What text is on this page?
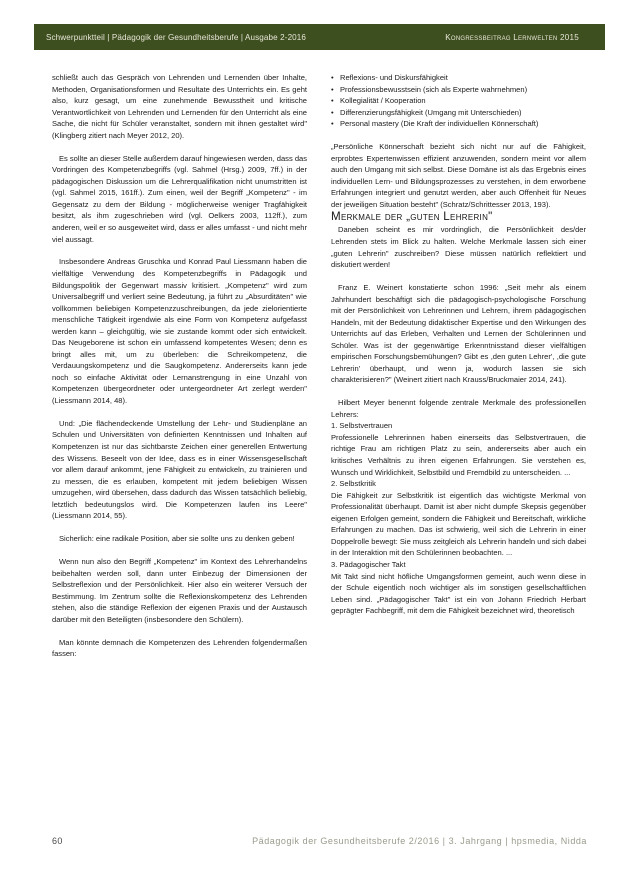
Schwerpunktteil | Pädagogik der Gesundheitsberufe | Ausgabe 2-2016	Kongressbeitrag Lernwelten 2015

schließt auch das Gespräch von Lehrenden und Lernenden über Inhalte, Methoden, Organisationsformen und Resultate des Unterrichts ein. Es geht also, kurz gesagt, um eine zunehmende Bewusstheit und kritische Verantwortlichkeit von Lehrenden und Lernenden für den Unterricht als eine Sache, die nicht für Schüler veranstaltet, sondern mit ihnen gestaltet wird" (Klingberg zitiert nach Meyer 2012, 20).

Es sollte an dieser Stelle außerdem darauf hingewiesen werden, dass das Vordringen des Kompetenzbegriffs (vgl. Sahmel (Hrsg.) 2009, 7ff.) in der pädagogischen Diskussion um die Lehrerqualifikation nicht unumstritten ist (vgl. Sahmel 2015, 161ff.). Zum einen, weil der Begriff „Kompetenz" - im Gegensatz zu dem der Bildung - möglicherweise weniger Tragfähigkeit besitzt, als ihm zugeschrieben wird (vgl. Oelkers 2003, 112ff.), zum anderen, weil er so ausgeweitet wird, dass er alles umfasst - und nicht mehr viel aussagt.

Insbesondere Andreas Gruschka und Konrad Paul Liessmann haben die vielfältige Verwendung des Kompetenzbegriffs in Pädagogik und Bildungspolitik der Gegenwart massiv kritisiert. „Kompetenz" wird zum Universalbegriff und verliert seine Bedeutung, ja führt zu „Absurditäten" wie vollkommen beliebigen Kompetenzzuschreibungen, da jede zielorientierte menschliche Tätigkeit irgendwie als eine Form von Kompetenz aufgefasst werden kann – gleichgültig, wie sie zustande kommt oder sich entwickelt. Das Neugeborene ist schon ein umfassend kompetentes Wesen; denn es bringt alles mit, um zu überleben: die Schreikompetenz, die Verdauungskompetenz und die Saugkompetenz. Andererseits kann jede noch so einfache Aktivität oder Lernanstrengung in eine Unzahl von Kompetenzen übergeordneter oder untergeordneter Art zerlegt werden" (Liessmann 2014, 48).

Und: „Die flächendeckende Umstellung der Lehr- und Studienpläne an Schulen und Universitäten von definierten Kenntnissen und Inhalten auf Kompetenzen ist nur das sichtbarste Zeichen einer generellen Entwertung des Wissens. Beseelt von der Idee, dass es in einer Wissensgesellschaft vor allem darauf ankommt, jene Fähigkeit zu entwickeln, zu trainieren und zu messen, die es erlauben, kompetent mit jedem beliebigen Wissen umzugehen, wird übersehen, dass dadurch das Wissen tatsächlich beliebig, letztlich bedeutungslos wird. Die Kompetenzen laufen ins Leere" (Liessmann 2014, 55).

Sicherlich: eine radikale Position, aber sie sollte uns zu denken geben!

Wenn nun also den Begriff „Kompetenz" im Kontext des Lehrerhandelns beibehalten werden soll, dann unter Einbezug der Dimensionen der Selbstreflexion und der Persönlichkeit. Hier also ein weiterer Versuch der Bestimmung. Im Zentrum sollte die Reflexionskompetenz des Lehrenden stehen, also die ständige Reflexion der eigenen Praxis und der Austausch darüber mit den Beteiligten (insbesondere den Schülern).

Man könnte demnach die Kompetenzen des Lehrenden folgendermaßen fassen:

• Reflexions- und Diskursfähigkeit
• Professionsbewusstsein (sich als Experte wahrnehmen)
• Kollegialität / Kooperation
• Differenzierungsfähigkeit (Umgang mit Unterschieden)
• Personal mastery (Die Kraft der individuellen Könnerschaft)

„Persönliche Könnerschaft bezieht sich nicht nur auf die Fähigkeit, erprobtes Expertenwissen effizient anzuwenden, sondern meint vor allem auch den Umgang mit sich selbst. Diese Domäne ist als das Ergebnis eines individuellen Lern- und Bildungsprozesses zu verstehen, in dem erworbene Erfahrungen integriert und genutzt werden, aber auch Offenheit für Neues der jeweiligen Situation besteht" (Schratz/Schrittesser 2013, 193).

Merkmale der „guten Lehrerin"

Daneben scheint es mir vordringlich, die Persönlichkeit des/der Lehrenden stets im Blick zu halten. Welche Merkmale lassen sich einer „guten Lehrerin" zuschreiben? Diese müssen natürlich reflektiert und diskutiert werden!

Franz E. Weinert konstatierte schon 1996: „Seit mehr als einem Jahrhundert beschäftigt sich die pädagogisch-psychologische Forschung mit der Persönlichkeit von Lehrerinnen und Lehrern, ihrem pädagogischen Handeln, mit der Bedeutung didaktischer Expertise und den Wirkungen des Unterrichts auf das Erleben, Verhalten und Lernen der Schülerinnen und Schüler. Was ist der gegenwärtige Erkenntnisstand dieser vielfältigen empirischen Forschungsbemühungen? Gibt es ,den guten Lehrer', ,die gute Lehrerin' überhaupt, und wenn ja, wodurch lassen sie sich charakterisieren?" (Weinert zitiert nach Krauss/Bruckmaier 2014, 241).

Hilbert Meyer benennt folgende zentrale Merkmale des professionellen Lehrers:

1. Selbstvertrauen

Professionelle Lehrerinnen haben einerseits das Selbstvertrauen, die richtige Frau am richtigen Platz zu sein, andererseits aber auch ein kritisches Verhältnis zu ihren eigenen Erfahrungen. Sie verstehen es, Wunsch und Wirklichkeit, Selbstbild und Fremdbild zu unterscheiden. ...

2. Selbstkritik

Die Fähigkeit zur Selbstkritik ist eigentlich das wichtigste Merkmal von Professionalität überhaupt. Damit ist aber nicht dumpfe Skepsis gegenüber eigenen Erfolgen gemeint, sondern die Fähigkeit und Bereitschaft, wirkliche Erfahrungen zu machen. Das ist schwierig, weil sich die Lehrerin in einer Doppelrolle bewegt: Sie muss zeitgleich als Lehrerin handeln und sich dabei in der Interaktion mit den Schülerinnen beobachten. ...

3. Pädagogischer Takt

Mit Takt sind nicht höfliche Umgangsformen gemeint, auch wenn diese in der Schule eigentlich noch wichtiger als im sonstigen gesellschaftlichen Leben sind. „Pädagogischer Takt" ist ein von Johann Friedrich Herbart geprägter Fachbegriff, mit dem die Fähigkeit bezeichnet wird, theoretisch

60	Pädagogik der Gesundheitsberufe 2/2016 | 3. Jahrgang | hpsmedia, Nidda
